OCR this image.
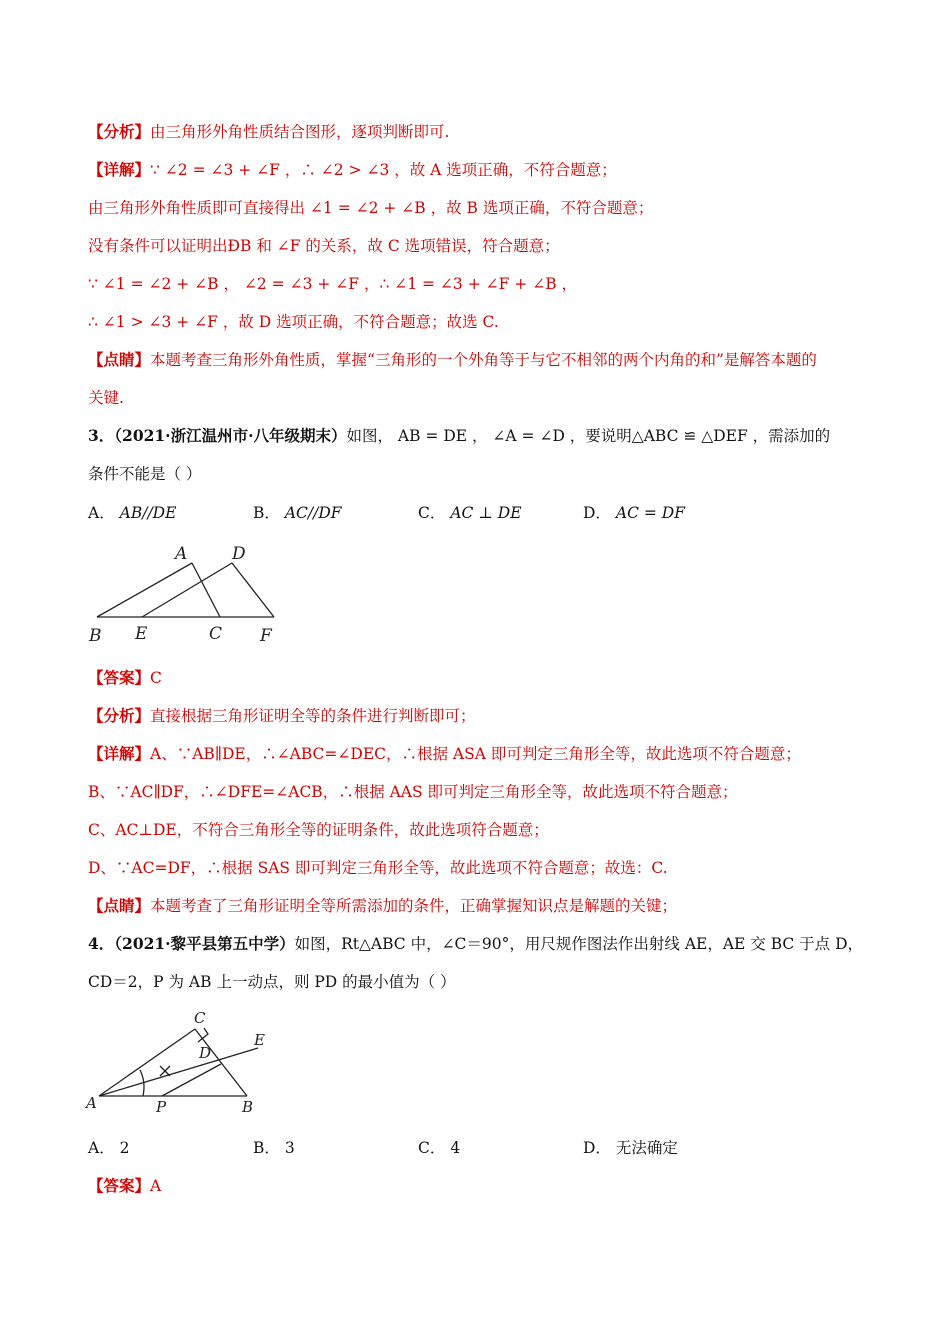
【分析】由三角形外角性质结合图形，逐项判断即可.
【详解】∵ ∠2 = ∠3 + ∠F ，∴ ∠2 > ∠3 ，故 A 选项正确，不符合题意；
由三角形外角性质即可直接得出 ∠1 = ∠2 + ∠B ，故 B 选项正确，不符合题意；
没有条件可以证明出ÐB 和 ∠F 的关系，故 C 选项错误，符合题意；
∵ ∠1 = ∠2 + ∠B ， ∠2 = ∠3 + ∠F ，∴ ∠1 = ∠3 + ∠F + ∠B ，
∴ ∠1 > ∠3 + ∠F ，故 D 选项正确，不符合题意；故选 C.
【点睛】本题考查三角形外角性质，掌握“三角形的一个外角等于与它不相邻的两个内角的和”是解答本题的
关键.
3．（2021·浙江温州市·八年级期末）如图， AB = DE ， ∠A = ∠D ，要说明△ABC ≌ △DEF ，需添加的
条件不能是（ ）
A． AB//DE	B． AC//DF	C． AC ⊥ DE	D． AC = DF
A	D
B E	C F
【答案】C
【分析】直接根据三角形证明全等的条件进行判断即可；
【详解】A、∵AB∥DE，∴∠ABC=∠DEC，∴根据 ASA 即可判定三角形全等，故此选项不符合题意；
B、∵AC∥DF，∴∠DFE=∠ACB，∴根据 AAS 即可判定三角形全等，故此选项不符合题意；
C、AC⊥DE，不符合三角形全等的证明条件，故此选项符合题意；
D、∵AC=DF，∴根据 SAS 即可判定三角形全等，故此选项不符合题意；故选：C.
【点睛】本题考查了三角形证明全等所需添加的条件，正确掌握知识点是解题的关键；
4．（2021·黎平县第五中学）如图，Rt△ABC 中，∠C＝90°，用尺规作图法作出射线 AE，AE 交 BC 于点 D，
CD＝2，P 为 AB 上一动点，则 PD 的最小值为（ ）
C
D
E
A	P	B
A． 2	B． 3	C． 4	D． 无法确定
【答案】A
